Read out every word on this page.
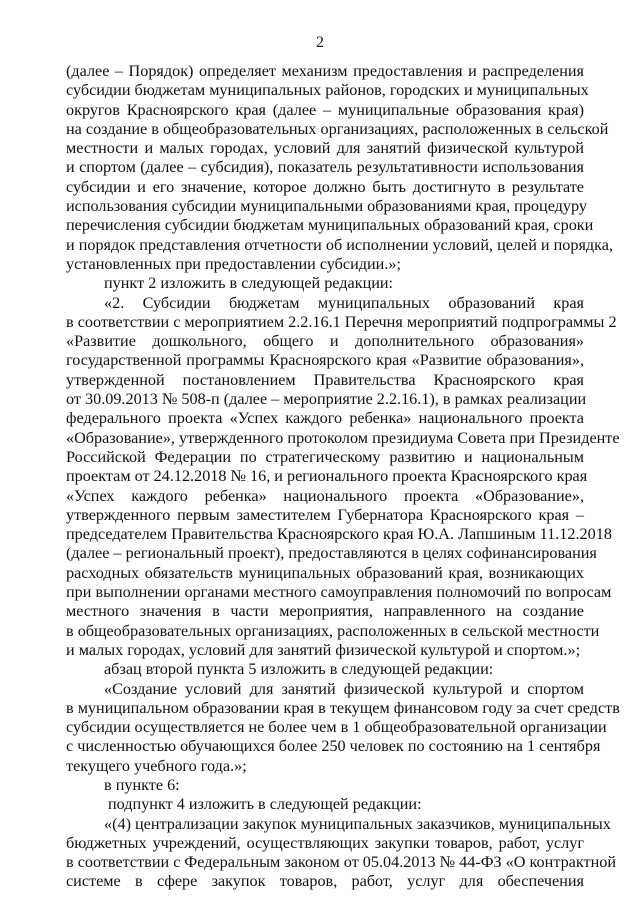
2
(далее – Порядок) определяет механизм предоставления и распределения
субсидии бюджетам муниципальных районов, городских и муниципальных
округов Красноярского края (далее – муниципальные образования края)
на создание в общеобразовательных организациях, расположенных в сельской
местности и малых городах, условий для занятий физической культурой
и спортом (далее – субсидия), показатель результативности использования
субсидии и его значение, которое должно быть достигнуто в результате
использования субсидии муниципальными образованиями края, процедуру
перечисления субсидии бюджетам муниципальных образований края, сроки
и порядок представления отчетности об исполнении условий, целей и порядка,
установленных при предоставлении субсидии.»;
пункт 2 изложить в следующей редакции:
«2. Субсидии бюджетам муниципальных образований края
в соответствии с мероприятием 2.2.16.1 Перечня мероприятий подпрограммы 2
«Развитие дошкольного, общего и дополнительного образования»
государственной программы Красноярского края «Развитие образования»,
утвержденной постановлением Правительства Красноярского края
от 30.09.2013 № 508-п (далее – мероприятие 2.2.16.1), в рамках реализации
федерального проекта «Успех каждого ребенка» национального проекта
«Образование», утвержденного протоколом президиума Совета при Президенте
Российской Федерации по стратегическому развитию и национальным
проектам от 24.12.2018 № 16, и регионального проекта Красноярского края
«Успех каждого ребенка» национального проекта «Образование»,
утвержденного первым заместителем Губернатора Красноярского края –
председателем Правительства Красноярского края Ю.А. Лапшиным 11.12.2018
(далее – региональный проект), предоставляются в целях софинансирования
расходных обязательств муниципальных образований края, возникающих
при выполнении органами местного самоуправления полномочий по вопросам
местного значения в части мероприятия, направленного на создание
в общеобразовательных организациях, расположенных в сельской местности
и малых городах, условий для занятий физической культурой и спортом.»;
абзац второй пункта 5 изложить в следующей редакции:
«Создание условий для занятий физической культурой и спортом
в муниципальном образовании края в текущем финансовом году за счет средств
субсидии осуществляется не более чем в 1 общеобразовательной организации
с численностью обучающихся более 250 человек по состоянию на 1 сентября
текущего учебного года.»;
в пункте 6:
подпункт 4 изложить в следующей редакции:
«(4) централизации закупок муниципальных заказчиков, муниципальных
бюджетных учреждений, осуществляющих закупки товаров, работ, услуг
в соответствии с Федеральным законом от 05.04.2013 № 44-ФЗ «О контрактной
системе в сфере закупок товаров, работ, услуг для обеспечения
